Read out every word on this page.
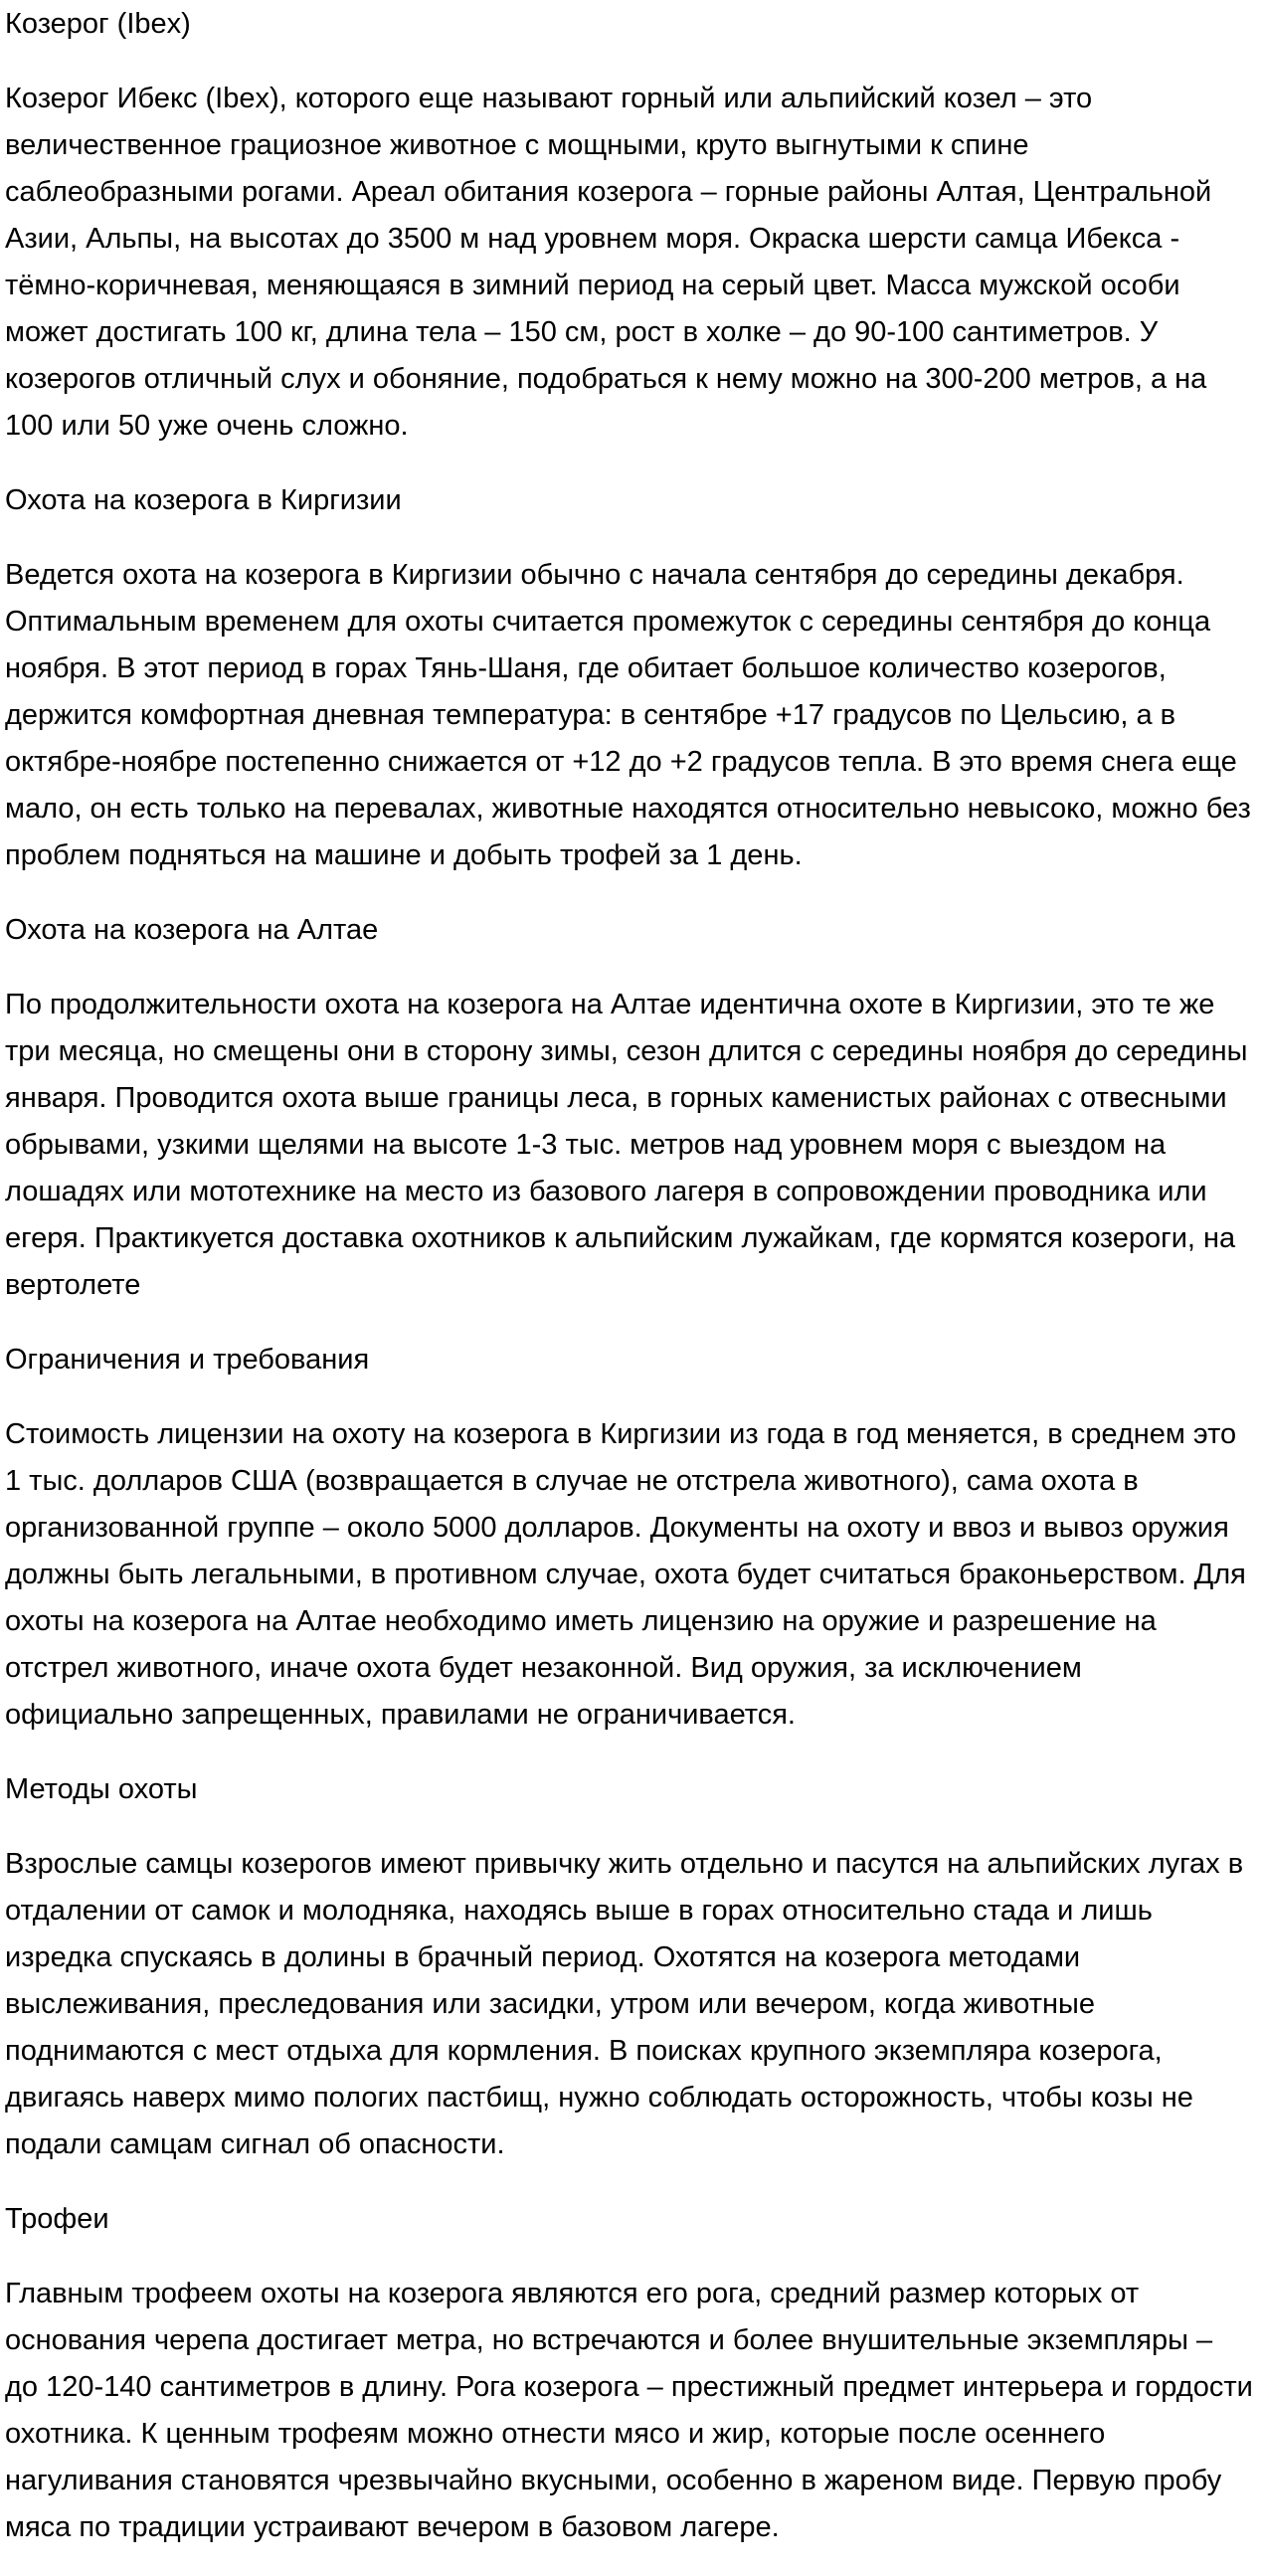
Козерог (Ibex)

Козерог Ибекс (Ibex), которого еще называют горный или альпийский козел – это величественное грациозное животное с мощными, круто выгнутыми к спине саблеобразными рогами. Ареал обитания козерога – горные районы Алтая, Центральной Азии, Альпы, на высотах до 3500 м над уровнем моря. Окраска шерсти самца Ибекса - тёмно-коричневая, меняющаяся в зимний период на серый цвет. Масса мужской особи может достигать 100 кг, длина тела – 150 см, рост в холке – до 90-100 сантиметров. У козерогов отличный слух и обоняние, подобраться к нему можно на 300-200 метров, а на 100 или 50 уже очень сложно.

Охота на козерога в Киргизии

Ведется охота на козерога в Киргизии обычно с начала сентября до середины декабря. Оптимальным временем для охоты считается промежуток с середины сентября до конца ноября. В этот период в горах Тянь-Шаня, где обитает большое количество козерогов, держится комфортная дневная температура: в сентябре +17 градусов по Цельсию, а в октябре-ноябре постепенно снижается от +12 до +2 градусов тепла. В это время снега еще мало, он есть только на перевалах, животные находятся относительно невысоко, можно без проблем подняться на машине и добыть трофей за 1 день.

Охота на козерога на Алтае

По продолжительности охота на козерога на Алтае идентична охоте в Киргизии, это те же три месяца, но смещены они в сторону зимы, сезон длится с середины ноября до середины января. Проводится охота выше границы леса, в горных каменистых районах с отвесными обрывами, узкими щелями на высоте 1-3 тыс. метров над уровнем моря с выездом на лошадях или мототехнике на место из базового лагеря в сопровождении проводника или егеря. Практикуется доставка охотников к альпийским лужайкам, где кормятся козероги, на вертолете

Ограничения и требования

Стоимость лицензии на охоту на козерога в Киргизии из года в год меняется, в среднем это 1 тыс. долларов США (возвращается в случае не отстрела животного), сама охота в организованной группе – около 5000 долларов. Документы на охоту и ввоз и вывоз оружия должны быть легальными, в противном случае, охота будет считаться браконьерством. Для охоты на козерога на Алтае необходимо иметь лицензию на оружие и разрешение на отстрел животного, иначе охота будет незаконной. Вид оружия, за исключением официально запрещенных, правилами не ограничивается.

Методы охоты

Взрослые самцы козерогов имеют привычку жить отдельно и пасутся на альпийских лугах в отдалении от самок и молодняка, находясь выше в горах относительно стада и лишь изредка спускаясь в долины в брачный период. Охотятся на козерога методами выслеживания, преследования или засидки, утром или вечером, когда животные поднимаются с мест отдыха для кормления. В поисках крупного экземпляра козерога, двигаясь наверх мимо пологих пастбищ, нужно соблюдать осторожность, чтобы козы не подали самцам сигнал об опасности.

Трофеи

Главным трофеем охоты на козерога являются его рога, средний размер которых от основания черепа достигает метра, но встречаются и более внушительные экземпляры – до 120-140 сантиметров в длину. Рога козерога – престижный предмет интерьера и гордости охотника. К ценным трофеям можно отнести мясо и жир, которые после осеннего нагуливания становятся чрезвычайно вкусными, особенно в жареном виде. Первую пробу мяса по традиции устраивают вечером в базовом лагере.
